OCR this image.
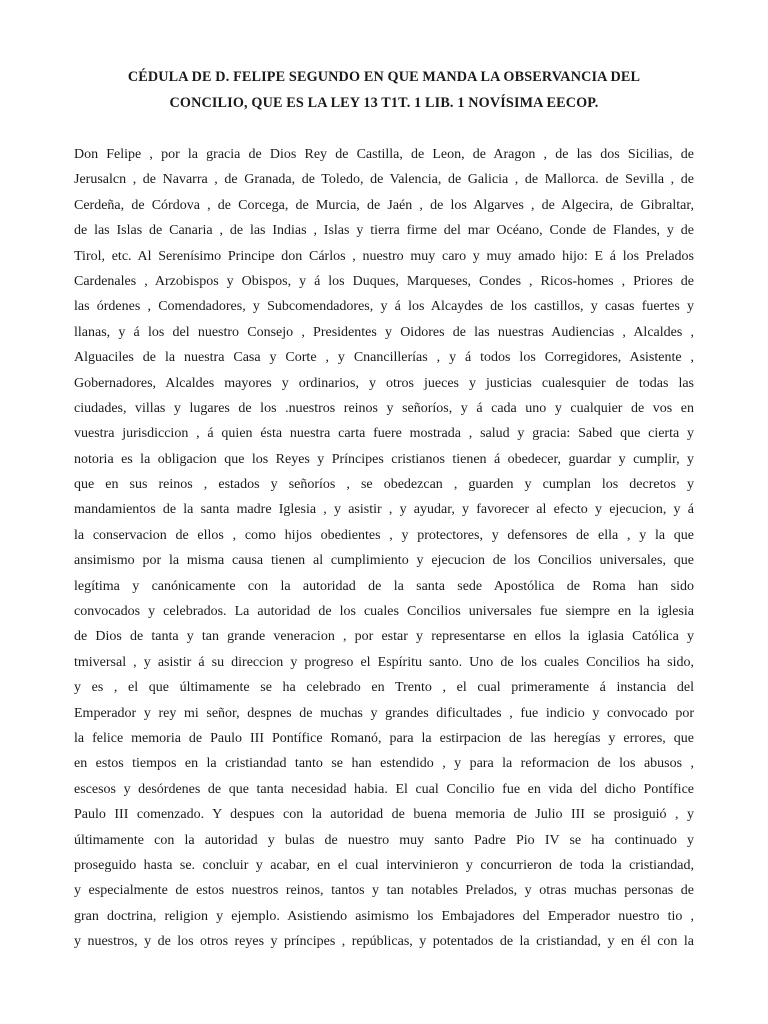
CÉDULA DE D. FELIPE SEGUNDO EN QUE MANDA LA OBSERVANCIA DEL
CONCILIO, QUE ES LA LEY 13 T1T. 1 LIB. 1 NOVÍSIMA EECOP.
Don Felipe , por la gracia de Dios Rey de Castilla, de Leon, de Aragon , de las dos Sicilias, de
Jerusalcn , de Navarra , de Granada, de Toledo, de Valencia, de Galicia , de Mallorca. de Sevilla , de
Cerdeña, de Córdova , de Corcega, de Murcia, de Jaén , de los Algarves , de Algecira, de Gibraltar,
de las Islas de Canaria , de las Indias , Islas y tierra firme del mar Océano, Conde de Flandes, y de
Tirol, etc. Al Serenísimo Principe don Cárlos , nuestro muy caro y muy amado hijo: E á los Prelados
Cardenales , Arzobispos y Obispos, y á los Duques, Marqueses, Condes , Ricos-homes , Priores de
las órdenes , Comendadores, y Subcomendadores, y á los Alcaydes de los castillos, y casas fuertes y
llanas, y á los del nuestro Consejo , Presidentes y Oidores de las nuestras Audiencias , Alcaldes ,
Alguaciles de la nuestra Casa y Corte , y Cnancillerías , y á todos los Corregidores, Asistente ,
Gobernadores, Alcaldes mayores y ordinarios, y otros jueces y justicias cualesquier de todas las
ciudades, villas y lugares de los .nuestros reinos y señoríos, y á cada uno y cualquier de vos en
vuestra jurisdiccion , á quien ésta nuestra carta fuere mostrada , salud y gracia: Sabed que cierta y
notoria es la obligacion que los Reyes y Príncipes cristianos tienen á obedecer, guardar y cumplir, y
que en sus reinos , estados y señoríos , se obedezcan , guarden y cumplan los decretos y
mandamientos de la santa madre Iglesia , y asistir , y ayudar, y favorecer al efecto y ejecucion, y á
la conservacion de ellos , como hijos obedientes , y protectores, y defensores de ella , y la que
ansimismo por la misma causa tienen al cumplimiento y ejecucion de los Concilios universales, que
legítima y canónicamente con la autoridad de la santa sede Apostólica de Roma han sido
convocados y celebrados. La autoridad de los cuales Concilios universales fue siempre en la iglesia
de Dios de tanta y tan grande veneracion , por estar y representarse en ellos la iglasia Católica y
tmiversal , y asistir á su direccion y progreso el Espíritu santo. Uno de los cuales Concilios ha sido,
y es , el que últimamente se ha celebrado en Trento , el cual primeramente á instancia del
Emperador y rey mi señor, despnes de muchas y grandes dificultades , fue indicio y convocado por
la felice memoria de Paulo III Pontífice Romanó, para la estirpacion de las heregías y errores, que
en estos tiempos en la cristiandad tanto se han estendido , y para la reformacion de los abusos ,
escesos y desórdenes de que tanta necesidad habia. El cual Concilio fue en vida del dicho Pontífice
Paulo III comenzado. Y despues con la autoridad de buena memoria de Julio III se prosiguió , y
últimamente con la autoridad y bulas de nuestro muy santo Padre Pio IV se ha continuado y
proseguido hasta se. concluir y acabar, en el cual intervinieron y concurrieron de toda la cristiandad,
y especialmente de estos nuestros reinos, tantos y tan notables Prelados, y otras muchas personas de
gran doctrina, religion y ejemplo. Asistiendo asimismo los Embajadores del Emperador nuestro tio ,
y nuestros, y de los otros reyes y príncipes , repúblicas, y potentados de la cristiandad, y en él con la
